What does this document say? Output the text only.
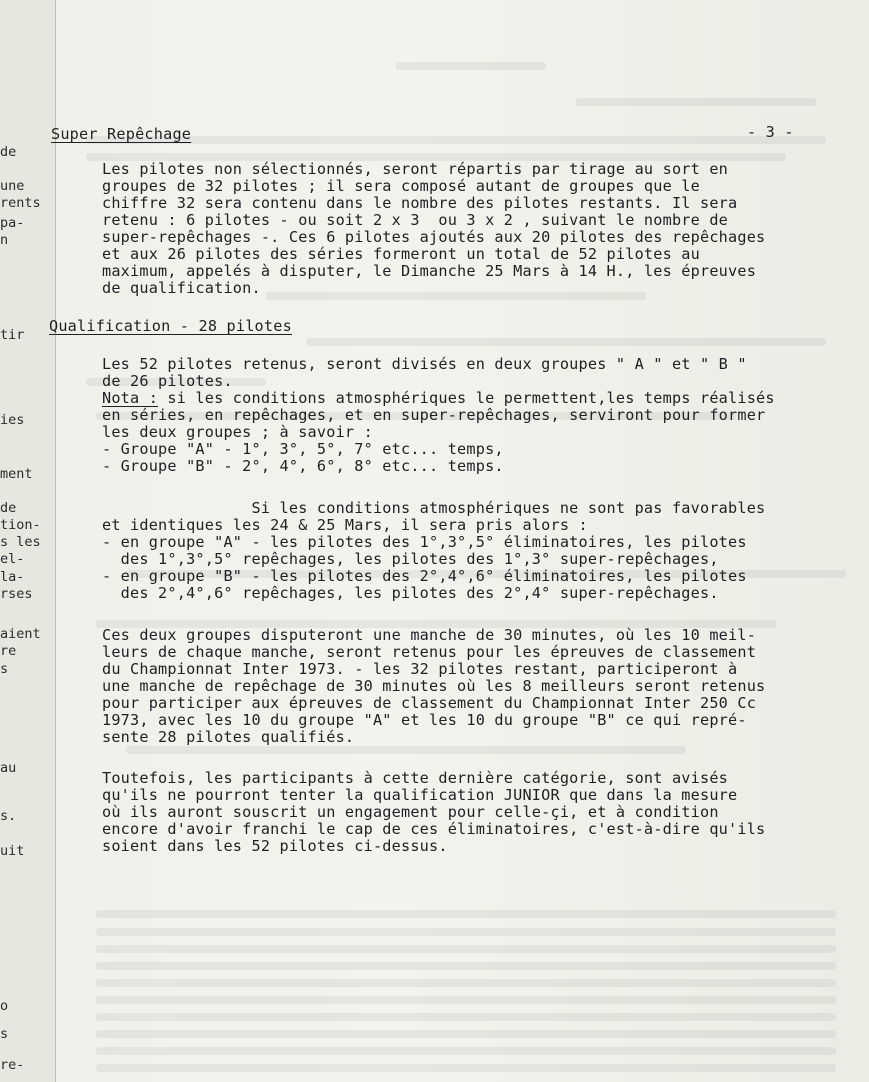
de
une
rents
pa-
n
tir
ies
ment
de
tion-
s les
el-
la-
rses
aient
re
s
au
s.
uit
o
s
re-
- 3 -
Super Repêchage
Les pilotes non sélectionnés, seront répartis par tirage au sort en
groupes de 32 pilotes ; il sera composé autant de groupes que le
chiffre 32 sera contenu dans le nombre des pilotes restants. Il sera
retenu : 6 pilotes - ou soit 2 x 3  ou 3 x 2 , suivant le nombre de
super-repêchages -. Ces 6 pilotes ajoutés aux 20 pilotes des repêchages
et aux 26 pilotes des séries formeront un total de 52 pilotes au
maximum, appelés à disputer, le Dimanche 25 Mars à 14 H., les épreuves
de qualification.
Qualification - 28 pilotes
Les 52 pilotes retenus, seront divisés en deux groupes " A " et " B "
de 26 pilotes.
Nota : si les conditions atmosphériques le permettent,les temps réalisés
en séries, en repêchages, et en super-repêchages, serviront pour former
les deux groupes ; à savoir :
- Groupe "A" - 1°, 3°, 5°, 7° etc... temps,
- Groupe "B" - 2°, 4°, 6°, 8° etc... temps.
Si les conditions atmosphériques ne sont pas favorables
et identiques les 24 & 25 Mars, il sera pris alors :
- en groupe "A" - les pilotes des 1°,3°,5° éliminatoires, les pilotes
des 1°,3°,5° repêchages, les pilotes des 1°,3° super-repêchages,
- en groupe "B" - les pilotes des 2°,4°,6° éliminatoires, les pilotes
des 2°,4°,6° repêchages, les pilotes des 2°,4° super-repêchages.
Ces deux groupes disputeront une manche de 30 minutes, où les 10 meil-
leurs de chaque manche, seront retenus pour les épreuves de classement
du Championnat Inter 1973. - les 32 pilotes restant, participeront à
une manche de repêchage de 30 minutes où les 8 meilleurs seront retenus
pour participer aux épreuves de classement du Championnat Inter 250 Cc
1973, avec les 10 du groupe "A" et les 10 du groupe "B" ce qui repré-
sente 28 pilotes qualifiés.
Toutefois, les participants à cette dernière catégorie, sont avisés
qu'ils ne pourront tenter la qualification JUNIOR que dans la mesure
où ils auront souscrit un engagement pour celle-çi, et à condition
encore d'avoir franchi le cap de ces éliminatoires, c'est-à-dire qu'ils
soient dans les 52 pilotes ci-dessus.
